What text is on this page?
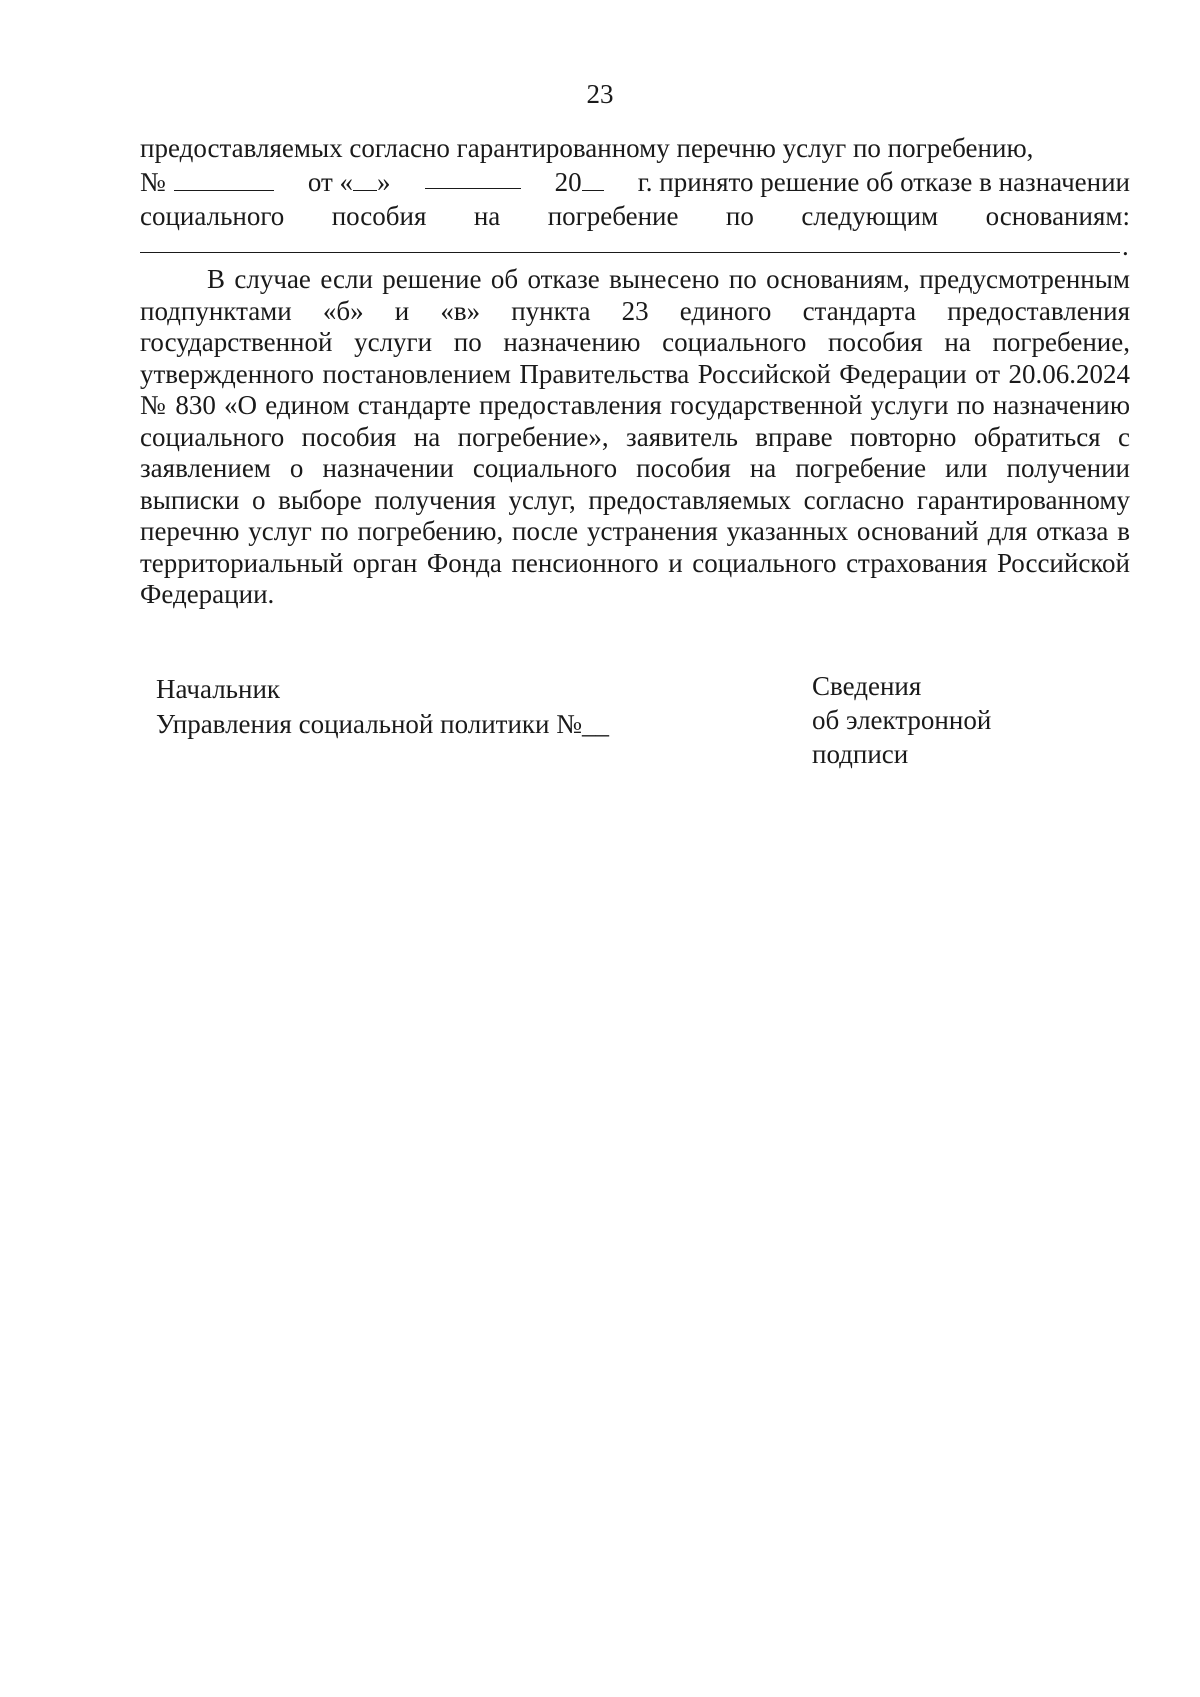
23
предоставляемых согласно гарантированному перечню услуг по погребению,
№	от « »	20	г. принято решение об отказе в назначении
социального пособия на погребение по следующим основаниям:
.
В случае если решение об отказе вынесено по основаниям, предусмотренным подпунктами «б» и «в» пункта 23 единого стандарта предоставления государственной услуги по назначению социального пособия на погребение, утвержденного постановлением Правительства Российской Федерации от 20.06.2024 № 830 «О едином стандарте предоставления государственной услуги по назначению социального пособия на погребение», заявитель вправе повторно обратиться с заявлением о назначении социального пособия на погребение или получении выписки о выборе получения услуг, предоставляемых согласно гарантированному перечню услуг по погребению, после устранения указанных оснований для отказа в территориальный орган Фонда пенсионного и социального страхования Российской Федерации.
Начальник
Управления социальной политики №__
Сведения
об электронной
подписи
